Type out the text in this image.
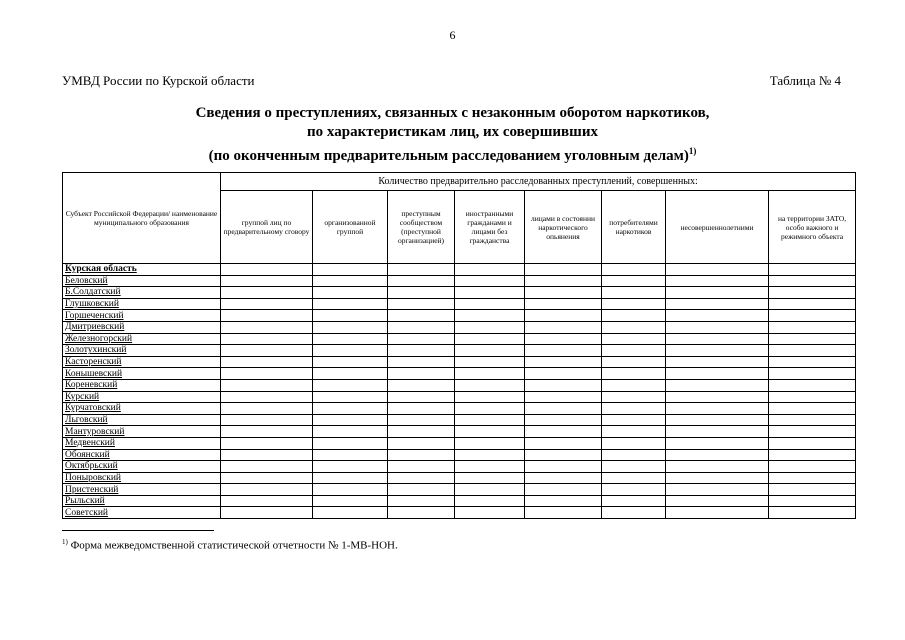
6
УМВД России по Курской области	Таблица № 4
Сведения о преступлениях, связанных с незаконным оборотом наркотиков,
по характеристикам лиц, их совершивших
(по оконченным предварительным расследованием уголовным делам)$^{1)}$
Субъект Российской Федерации/ наименование муниципального образования	Количество предварительно расследованных преступлений, совершенных:							
	группой лиц по предварительному сговору	организованной группой	преступным сообществом (преступной организацией)	иностранными гражданами и лицами без гражданства	лицами в состоянии наркотического опьянения	потребителями наркотиков	несовершеннолетними	на территории ЗАТО, особо важного и режимного объекта
Курская область								
Беловский								
Б.Солдатский								
Глушковский								
Горшеченский								
Дмитриевский								
Железногорский								
Золотухинский								
Касторенский								
Конышевский								
Кореневский								
Курский								
Курчатовский								
Льговский								
Мантуровский								
Медвенский								
Обоянский								
Октябрьский								
Поныровский								
Пристенский								
Рыльский								
Советский								
$^{1)}$ Форма межведомственной статистической отчетности № 1-МВ-НОН.
